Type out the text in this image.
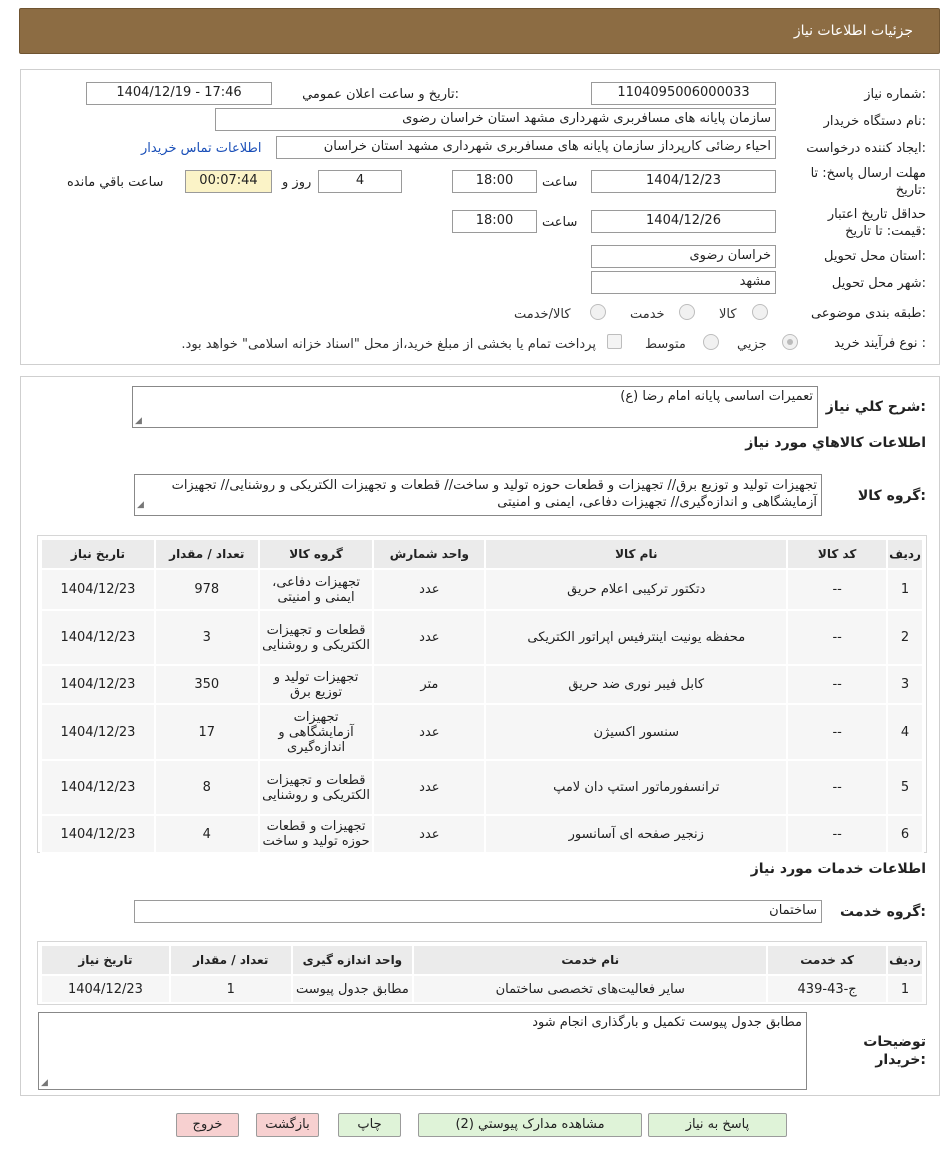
جزئیات اطلاعات نیاز
شماره نیاز:
1104095006000033
تاریخ و ساعت اعلان عمومي:
1404/12/19 - 17:46
نام دستگاه خریدار:
سازمان پایانه های مسافربری شهرداری مشهد استان خراسان رضوی
ایجاد کننده درخواست:
احیاء رضائی کارپرداز سازمان پایانه های مسافربری شهرداری مشهد استان خراسان
اطلاعات تماس خریدار
مهلت ارسال پاسخ: تا
تاریخ:
1404/12/23
ساعت
18:00
4
روز و
00:07:44
ساعت باقي مانده
حداقل تاریخ اعتبار
قیمت: تا تاریخ:
1404/12/26
ساعت
18:00
استان محل تحویل:
خراسان رضوی
شهر محل تحویل:
مشهد
طبقه بندی موضوعی:
کالا
خدمت
کالا/خدمت
نوع فرآیند خرید :
جزيي
متوسط
پرداخت تمام یا بخشی از مبلغ خرید،از محل "اسناد خزانه اسلامی" خواهد بود.
شرح كلي نياز:
تعمیرات اساسی پایانه امام رضا (ع)
◢
اطلاعات کالاهاي مورد نياز
گروه کالا:
تجهیزات تولید و توزیع برق// تجهیزات و قطعات حوزه تولید و ساخت// قطعات و تجهیزات الکتریکی و روشنایی// تجهیزات آزمایشگاهی و اندازه‌گیری// تجهیزات دفاعی، ایمنی و امنیتی
◢
ردیف	کد کالا	نام کالا	واحد شمارش	گروه کالا	تعداد / مقدار	تاریخ نیاز
1	--	دتکتور ترکیبی اعلام حریق	عدد	تجهیزات دفاعی، ایمنی و امنیتی	978	1404/12/23
2	--	محفظه یونیت اینترفیس اپراتور الکتریکی	عدد	قطعات و تجهیزات الکتریکی و روشنایی	3	1404/12/23
3	--	کابل فیبر نوری ضد حریق	متر	تجهیزات تولید و توزیع برق	350	1404/12/23
4	--	سنسور اکسیژن	عدد	تجهیزات آزمایشگاهی و اندازه‌گیری	17	1404/12/23
5	--	ترانسفورماتور استپ دان لامپ	عدد	قطعات و تجهیزات الکتریکی و روشنایی	8	1404/12/23
6	--	زنجیر صفحه ای آسانسور	عدد	تجهیزات و قطعات حوزه تولید و ساخت	4	1404/12/23
اطلاعات خدمات مورد نياز
گروه خدمت:
ساختمان
ردیف	کد خدمت	نام خدمت	واحد اندازه گیری	تعداد / مقدار	تاریخ نیاز
1	ج-43-439	سایر فعالیت‌های تخصصی ساختمان	مطابق جدول پیوست	1	1404/12/23
توضیحات
خریدار:
مطابق جدول پیوست تکمیل و بارگذاری انجام شود
◢
پاسخ به نیاز
مشاهده مدارک پیوستي (2)
چاپ
بازگشت
خروج
